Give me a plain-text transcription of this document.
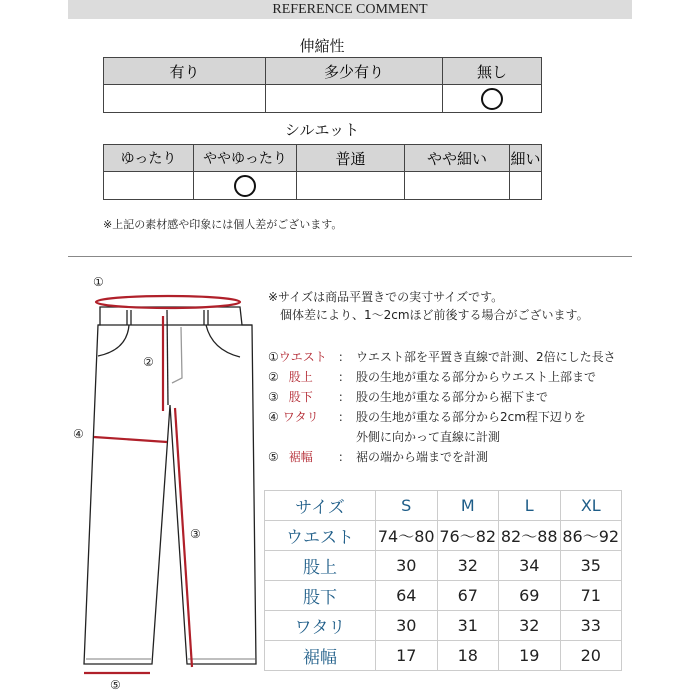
REFERENCE COMMENT
伸縮性
有り	多少有り	無し

シルエット
ゆったり	ややゆったり	普通	やや細い	細い

※上記の素材感や印象には個人差がございます。
①
②
③
④
⑤
※サイズは商品平置きでの実寸サイズです。
個体差により、1〜2cmほど前後する場合がございます。
①ウエスト ： ウエスト部を平置き直線で計測、2倍にした長さ
② 股上 ： 股の生地が重なる部分からウエスト上部まで
③ 股下 ： 股の生地が重なる部分から裾下まで
④ ワタリ ： 股の生地が重なる部分から2cm程下辺りを
外側に向かって直線に計測
⑤ 裾幅 ： 裾の端から端までを計測
サイズ	S	M	L	XL
ウエスト	74〜80	76〜82	82〜88	86〜92
股上	30	32	34	35
股下	64	67	69	71
ワタリ	30	31	32	33
裾幅	17	18	19	20
